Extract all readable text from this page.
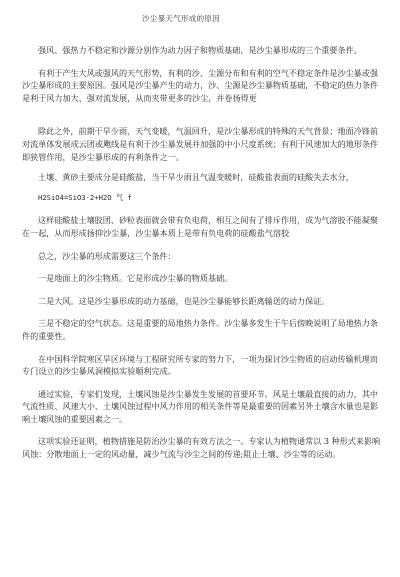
沙尘暴天气形成的原因

强风、强热力不稳定和沙源分别作为动力因子和物质基础，是沙尘暴形成的三个重要条件。

有利于产生大风或强风的天气形势，有利的沙、尘源分布和有利的空气不稳定条件是沙尘暴或强沙尘暴形成的主要原因。强风是沙尘暴产生的动力，沙、尘源是沙尘暴物质基础，不稳定的热力条件是利于风力加大、强对流发展，从而夹带更多的沙尘，并卷扬得更

除此之外，前期干旱少雨，天气变暖，气温回升，是沙尘暴形成的特殊的天气背景；地面冷锋前对流单体发展成云团或飑线是有利于沙尘暴发展并加强的中小尺度系统；有利于风速加大的地形条件即狭管作用，是沙尘暴形成的有利条件之一。

土壤、黄砂主要成分是硅酸盐，当干旱少雨且气温变暖时，硅酸盐表面的硅酸失去水分，

H2SiO4=SiO3·2+H2O 气 f

这样硅酸盐土壤胶团、砂粒表面就会带有负电荷，相互之间有了排斥作用，成为气溶胶不能凝聚在一起，从而形成扬抑沙尘暴，沙尘暴本质上是带有负电荷的硅酸盐气溶胶

总之，沙尘暴的形成需要这三个条件：

一是地面上的沙尘物质。它是形成沙尘暴的物质基础。

二是大风。这是沙尘暴形成的动力基础，也是沙尘暴能够长距离输送的动力保证。

三是不稳定的空气状态。这是重要的局地热力条件。沙尘暴多发生于午后傍晚说明了局地热力条件的重要性。

在中国科学院寒区旱区环境与工程研究所专家的努力下，一项为探讨沙尘物质的启动传输机理而专门设立的沙尘暴风洞模拟实验顺利完成。

通过实验，专家们发现，土壤风蚀是沙尘暴发生发展的首要环节。风是土壤最直接的动力，其中气流性质、风速大小、土壤风蚀过程中风力作用的相关条件等是最重要的因素另外土壤含水量也是影响土壤风蚀的重要因素之一。

这项实验还证明，植物措施是防治沙尘暴的有效方法之一。专家认为植物通常以 3 种形式来影响风蚀：分散地面上一定的风动量，减少气流与沙尘之间的传递;阻止土壤、沙尘等的运动。
